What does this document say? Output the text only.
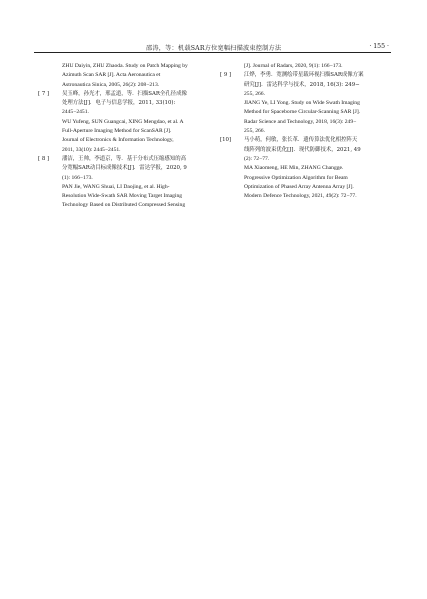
邵涛，等：机载SAR方位宽幅扫描波束控制方法	· 155 ·
ZHU Daiyin, ZHU Zhaoda. Study on Patch Mapping by
Azimuth Scan SAR [J]. Acta Aeronautica et
Astronautica Sinica, 2005, 26(2): 208−213.
[ 7 ] 吴玉峰，孙光才，邢孟道，等．扫描SAR全孔径成像
处理方法[J]．电子与信息学报，2011, 33(10):
2445−2451.
WU Yufeng, SUN Guangcai, XING Mengdao, et al. A
Full-Aperture Imaging Method for ScanSAR [J].
Journal of Electronics & Information Technology,
2011, 33(10): 2445−2451.
[ 8 ] 潘洁，王帅，李道京，等．基于分布式压缩感知的高
分宽幅SAR动目标成像技术[J]．雷达学报，2020, 9
(1): 166−173.
PAN Jie, WANG Shuai, LI Daojing, et al. High-
Resolution Wide-Swath SAR Moving Target Imaging
Technology Based on Distributed Compressed Sensing
[J]. Journal of Radars, 2020, 9(1): 166−173.
[ 9 ] 江烨，李勇．宽测绘带星载环视扫描SAR成像方案
研究[J]．雷达科学与技术，2018, 16(3): 249−
255, 266.
JIANG Ye, LI Yong. Study on Wide Swath Imaging
Method for Spaceborne Circular-Scanning SAR [J].
Radar Science and Technology, 2018, 16(3): 249−
255, 266.
[10] 马小萌，何敏，张长革．遗传算法优化相控阵天
线阵列的波束优化[J]．现代防御技术，2021, 49
(2): 72−77.
MA Xiaomeng, HE Min, ZHANG Changge.
Progressive Optimization Algorithm for Beam
Optimization of Phased Array Antenna Array [J].
Modern Defence Technology, 2021, 49(2): 72−77.
